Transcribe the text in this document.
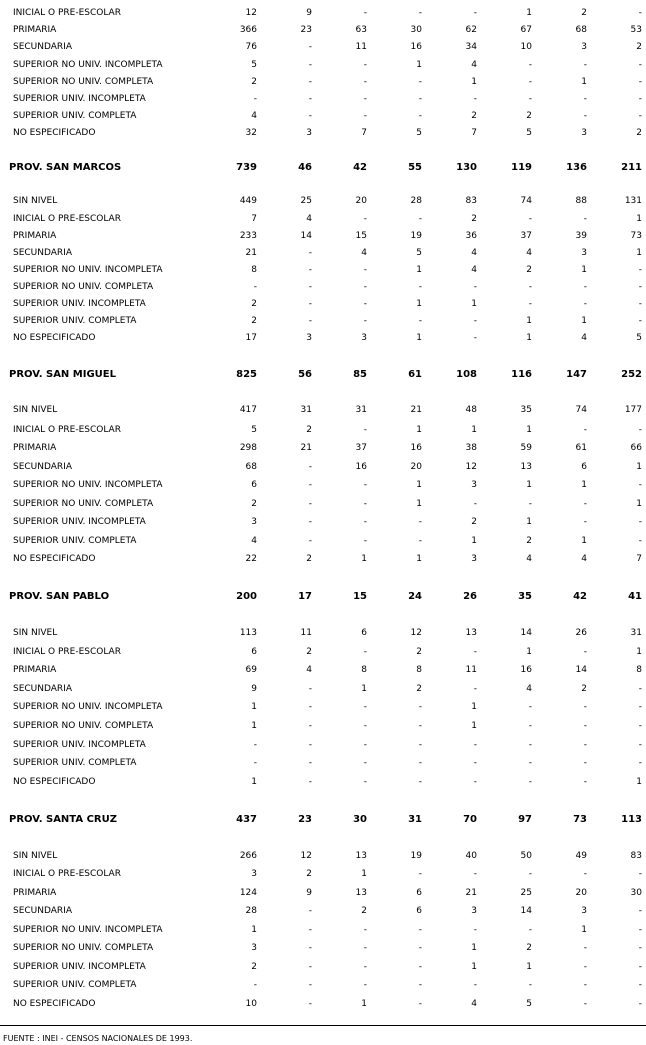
INICIAL O PRE-ESCOLAR	12	9	-	-	-	1	2	-
PRIMARIA	366	23	63	30	62	67	68	53
SECUNDARIA	76	-	11	16	34	10	3	2
SUPERIOR NO UNIV. INCOMPLETA	5	-	-	1	4	-	-	-
SUPERIOR NO UNIV. COMPLETA	2	-	-	-	1	-	1	-
SUPERIOR UNIV. INCOMPLETA	-	-	-	-	-	-	-	-
SUPERIOR UNIV. COMPLETA	4	-	-	-	2	2	-	-
NO ESPECIFICADO	32	3	7	5	7	5	3	2
PROV. SAN MARCOS	739	46	42	55	130	119	136	211
SIN NIVEL	449	25	20	28	83	74	88	131
INICIAL O PRE-ESCOLAR	7	4	-	-	2	-	-	1
PRIMARIA	233	14	15	19	36	37	39	73
SECUNDARIA	21	-	4	5	4	4	3	1
SUPERIOR NO UNIV. INCOMPLETA	8	-	-	1	4	2	1	-
SUPERIOR NO UNIV. COMPLETA	-	-	-	-	-	-	-	-
SUPERIOR UNIV. INCOMPLETA	2	-	-	1	1	-	-	-
SUPERIOR UNIV. COMPLETA	2	-	-	-	-	1	1	-
NO ESPECIFICADO	17	3	3	1	-	1	4	5
PROV. SAN MIGUEL	825	56	85	61	108	116	147	252
SIN NIVEL	417	31	31	21	48	35	74	177
INICIAL O PRE-ESCOLAR	5	2	-	1	1	1	-	-
PRIMARIA	298	21	37	16	38	59	61	66
SECUNDARIA	68	-	16	20	12	13	6	1
SUPERIOR NO UNIV. INCOMPLETA	6	-	-	1	3	1	1	-
SUPERIOR NO UNIV. COMPLETA	2	-	-	1	-	-	-	1
SUPERIOR UNIV. INCOMPLETA	3	-	-	-	2	1	-	-
SUPERIOR UNIV. COMPLETA	4	-	-	-	1	2	1	-
NO ESPECIFICADO	22	2	1	1	3	4	4	7
PROV. SAN PABLO	200	17	15	24	26	35	42	41
SIN NIVEL	113	11	6	12	13	14	26	31
INICIAL O PRE-ESCOLAR	6	2	-	2	-	1	-	1
PRIMARIA	69	4	8	8	11	16	14	8
SECUNDARIA	9	-	1	2	-	4	2	-
SUPERIOR NO UNIV. INCOMPLETA	1	-	-	-	1	-	-	-
SUPERIOR NO UNIV. COMPLETA	1	-	-	-	1	-	-	-
SUPERIOR UNIV. INCOMPLETA	-	-	-	-	-	-	-	-
SUPERIOR UNIV. COMPLETA	-	-	-	-	-	-	-	-
NO ESPECIFICADO	1	-	-	-	-	-	-	1
PROV. SANTA CRUZ	437	23	30	31	70	97	73	113
SIN NIVEL	266	12	13	19	40	50	49	83
INICIAL O PRE-ESCOLAR	3	2	1	-	-	-	-	-
PRIMARIA	124	9	13	6	21	25	20	30
SECUNDARIA	28	-	2	6	3	14	3	-
SUPERIOR NO UNIV. INCOMPLETA	1	-	-	-	-	-	1	-
SUPERIOR NO UNIV. COMPLETA	3	-	-	-	1	2	-	-
SUPERIOR UNIV. INCOMPLETA	2	-	-	-	1	1	-	-
SUPERIOR UNIV. COMPLETA	-	-	-	-	-	-	-	-
NO ESPECIFICADO	10	-	1	-	4	5	-	-
FUENTE : INEI - CENSOS NACIONALES DE 1993.
